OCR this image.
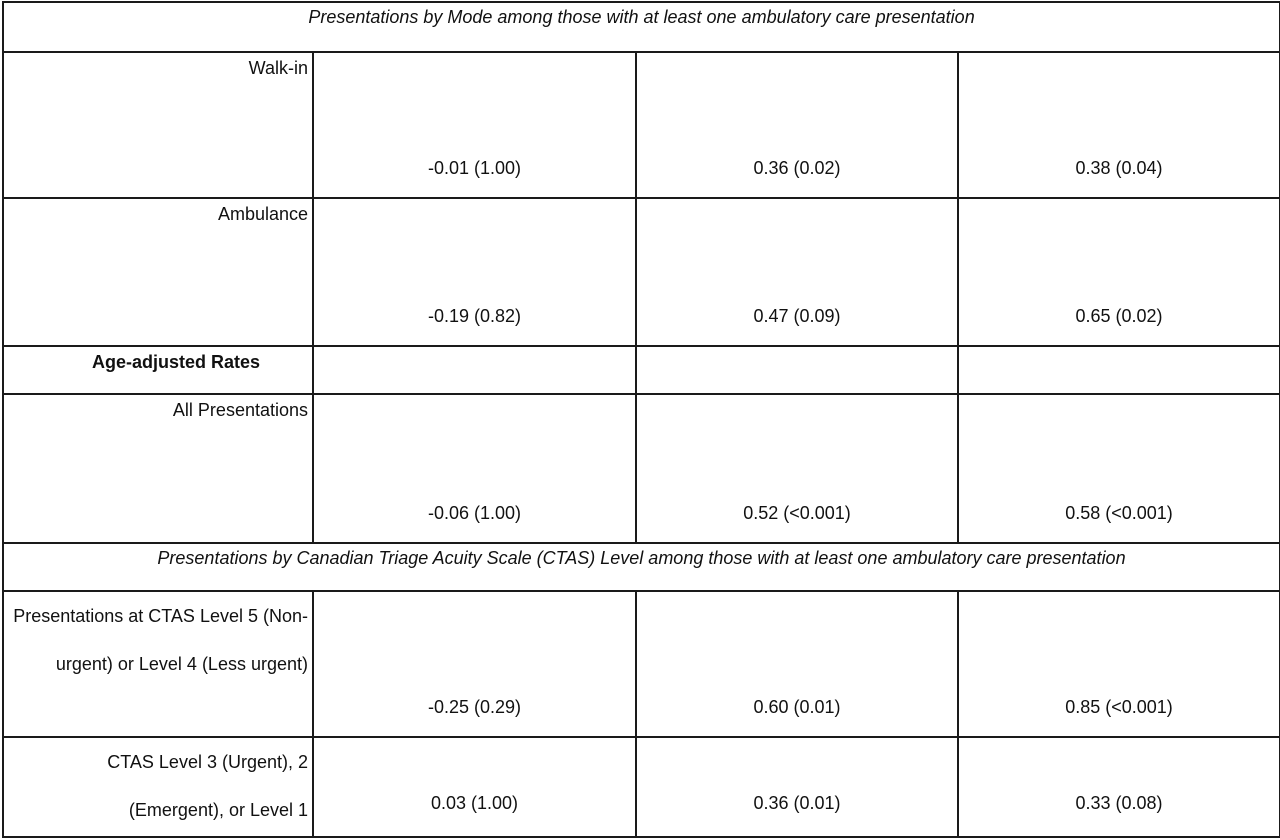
Presentations by Mode among those with at least one ambulatory care presentation			
Walk-in	-0.01 (1.00)	0.36 (0.02)	0.38 (0.04)
Ambulance	-0.19 (0.82)	0.47 (0.09)	0.65 (0.02)
Age-adjusted Rates			
All Presentations	-0.06 (1.00)	0.52 (<0.001)	0.58 (<0.001)
Presentations by Canadian Triage Acuity Scale (CTAS) Level among those with at least one ambulatory care presentation			
Presentations at CTAS Level 5 (Non-urgent) or Level 4 (Less urgent)	-0.25 (0.29)	0.60 (0.01)	0.85 (<0.001)
CTAS Level 3 (Urgent), 2 (Emergent), or Level 1	0.03 (1.00)	0.36 (0.01)	0.33 (0.08)
